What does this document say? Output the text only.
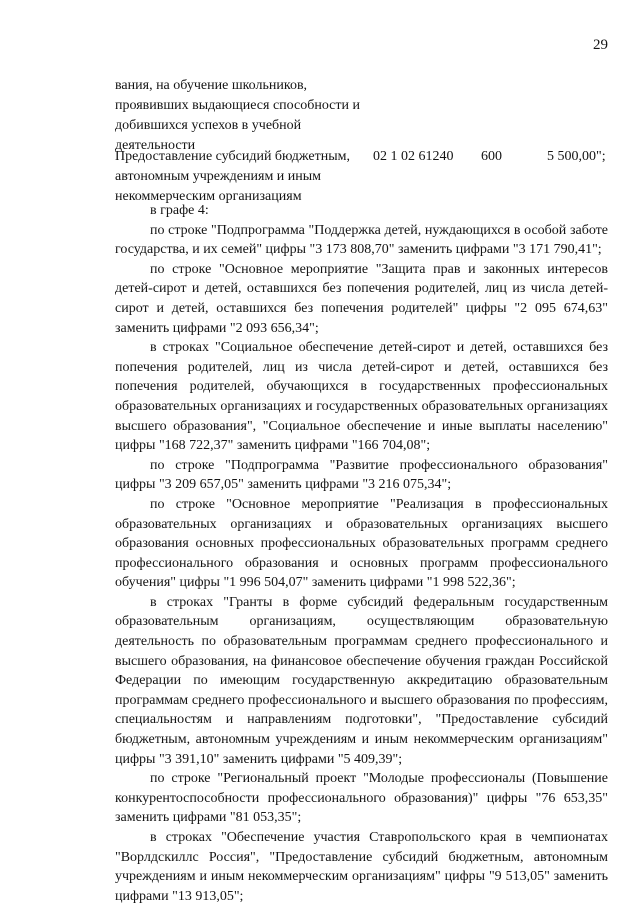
29
вания, на обучение школьников, проявивших выдающиеся способности и добившихся успехов в учебной деятельности
Предоставление субсидий бюджетным, автономным учреждениям и иным некоммерческим организациям
02 1 02 61240 600	5 500,00";

в графе 4:

по строке "Подпрограмма "Поддержка детей, нуждающихся в особой заботе государства, и их семей" цифры "3 173 808,70" заменить цифрами "3 171 790,41";

по строке "Основное мероприятие "Защита прав и законных интересов детей-сирот и детей, оставшихся без попечения родителей, лиц из числа детей-сирот и детей, оставшихся без попечения родителей" цифры "2 095 674,63" заменить цифрами "2 093 656,34";

в строках "Социальное обеспечение детей-сирот и детей, оставшихся без попечения родителей, лиц из числа детей-сирот и детей, оставшихся без попечения родителей, обучающихся в государственных профессиональных образовательных организациях и государственных образовательных организациях высшего образования", "Социальное обеспечение и иные выплаты населению" цифры "168 722,37" заменить цифрами "166 704,08";

по строке "Подпрограмма "Развитие профессионального образования" цифры "3 209 657,05" заменить цифрами "3 216 075,34";

по строке "Основное мероприятие "Реализация в профессиональных образовательных организациях и образовательных организациях высшего образования основных профессиональных образовательных программ среднего профессионального образования и основных программ профессионального обучения" цифры "1 996 504,07" заменить цифрами "1 998 522,36";

в строках "Гранты в форме субсидий федеральным государственным образовательным организациям, осуществляющим образовательную деятельность по образовательным программам среднего профессионального и высшего образования, на финансовое обеспечение обучения граждан Российской Федерации по имеющим государственную аккредитацию образовательным программам среднего профессионального и высшего образования по профессиям, специальностям и направлениям подготовки", "Предоставление субсидий бюджетным, автономным учреждениям и иным некоммерческим организациям" цифры "3 391,10" заменить цифрами "5 409,39";

по строке "Региональный проект "Молодые профессионалы (Повышение конкурентоспособности профессионального образования)" цифры "76 653,35" заменить цифрами "81 053,35";

в строках "Обеспечение участия Ставропольского края в чемпионатах "Ворлдскиллс Россия", "Предоставление субсидий бюджетным, автономным учреждениям и иным некоммерческим организациям" цифры "9 513,05" заменить цифрами "13 913,05";
